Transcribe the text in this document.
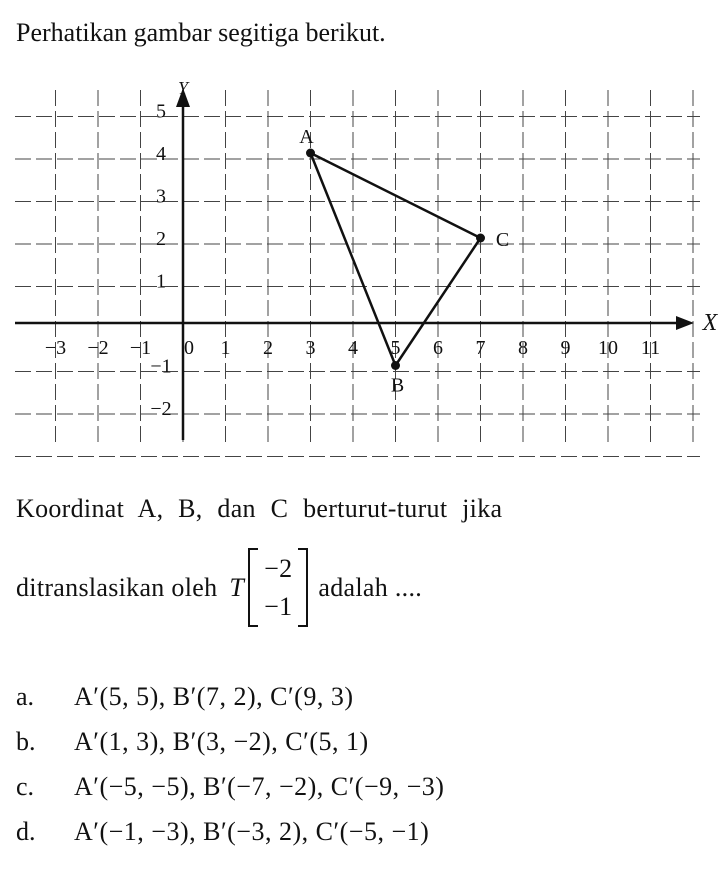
Perhatikan gambar segitiga berikut.
X
Y
−3 −2 −1 0 1 2 3 4 5 6 7 8 9 10 11
5
4
3
2
1
−1
−2
A
B
C
Koordinat A, B, dan C berturut-turut jika
ditranslasikan oleh T
−2
−1
adalah ....
a.	A′(5, 5), B′(7, 2), C′(9, 3)
b.	A′(1, 3), B′(3, −2), C′(5, 1)
c.	A′(−5, −5), B′(−7, −2), C′(−9, −3)
d.	A′(−1, −3), B′(−3, 2), C′(−5, −1)
